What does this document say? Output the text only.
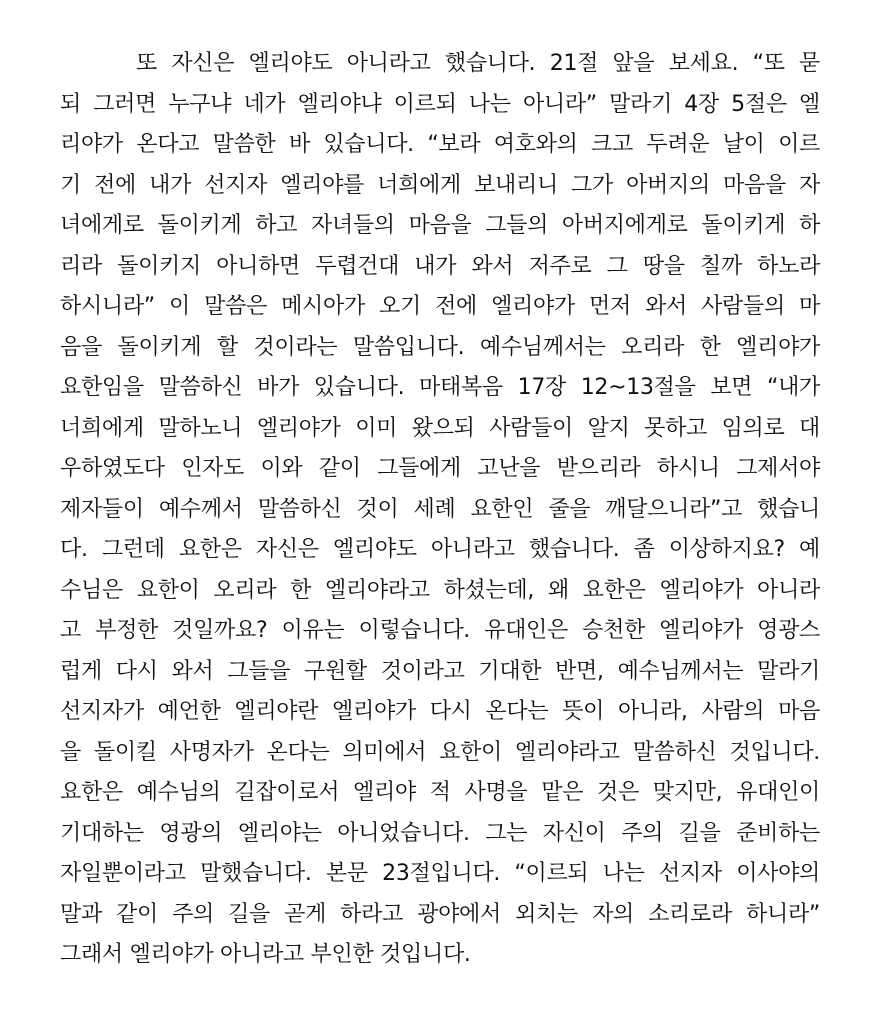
또 자신은 엘리야도 아니라고 했습니다. 21절 앞을 보세요. “또 묻
되 그러면 누구냐 네가 엘리야냐 이르되 나는 아니라” 말라기 4장 5절은 엘
리야가 온다고 말씀한 바 있습니다. “보라 여호와의 크고 두려운 날이 이르
기 전에 내가 선지자 엘리야를 너희에게 보내리니 그가 아버지의 마음을 자
녀에게로 돌이키게 하고 자녀들의 마음을 그들의 아버지에게로 돌이키게 하
리라 돌이키지 아니하면 두렵건대 내가 와서 저주로 그 땅을 칠까 하노라
하시니라” 이 말씀은 메시아가 오기 전에 엘리야가 먼저 와서 사람들의 마
음을 돌이키게 할 것이라는 말씀입니다. 예수님께서는 오리라 한 엘리야가
요한임을 말씀하신 바가 있습니다. 마태복음 17장 12~13절을 보면 “내가
너희에게 말하노니 엘리야가 이미 왔으되 사람들이 알지 못하고 임의로 대
우하였도다 인자도 이와 같이 그들에게 고난을 받으리라 하시니 그제서야
제자들이 예수께서 말씀하신 것이 세례 요한인 줄을 깨달으니라”고 했습니
다. 그런데 요한은 자신은 엘리야도 아니라고 했습니다. 좀 이상하지요? 예
수님은 요한이 오리라 한 엘리야라고 하셨는데, 왜 요한은 엘리야가 아니라
고 부정한 것일까요? 이유는 이렇습니다. 유대인은 승천한 엘리야가 영광스
럽게 다시 와서 그들을 구원할 것이라고 기대한 반면, 예수님께서는 말라기
선지자가 예언한 엘리야란 엘리야가 다시 온다는 뜻이 아니라, 사람의 마음
을 돌이킬 사명자가 온다는 의미에서 요한이 엘리야라고 말씀하신 것입니다.
요한은 예수님의 길잡이로서 엘리야 적 사명을 맡은 것은 맞지만, 유대인이
기대하는 영광의 엘리야는 아니었습니다. 그는 자신이 주의 길을 준비하는
자일뿐이라고 말했습니다. 본문 23절입니다. “이르되 나는 선지자 이사야의
말과 같이 주의 길을 곧게 하라고 광야에서 외치는 자의 소리로라 하니라”
그래서 엘리야가 아니라고 부인한 것입니다.
